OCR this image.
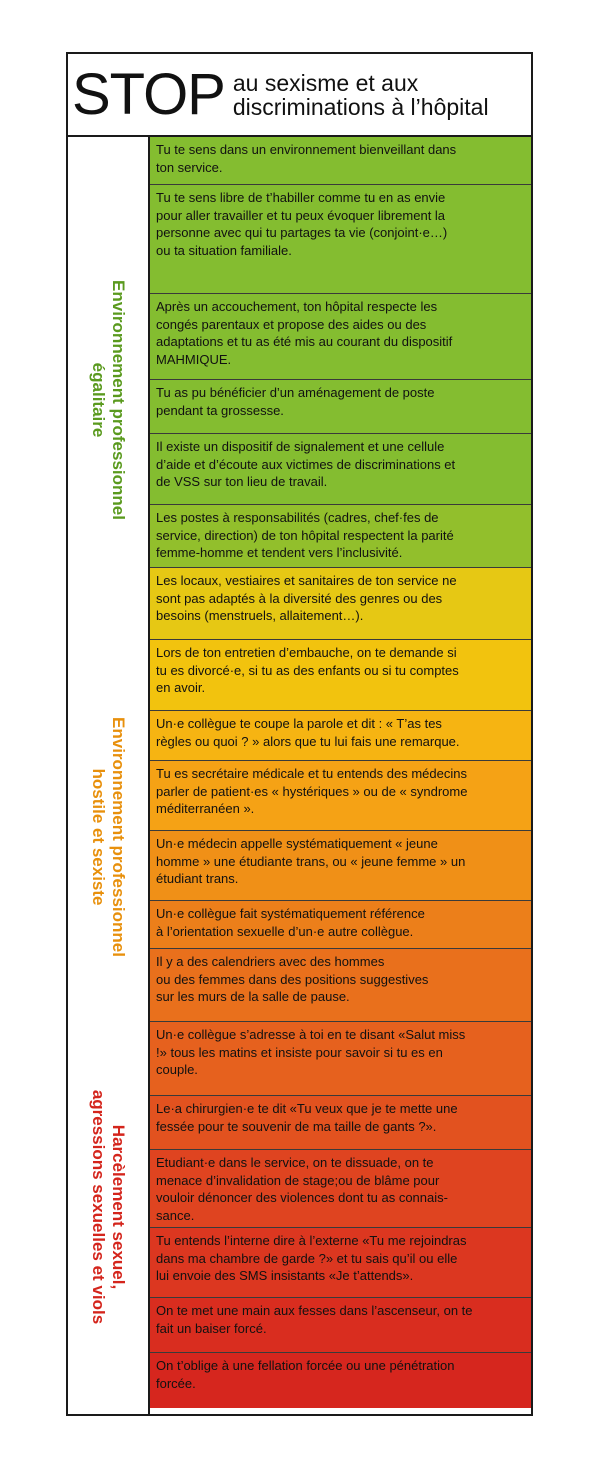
STOP au sexisme et aux
discriminations à l’hôpital
Environnement professionnel
égalitaire
Environnement professionnel
hostile et sexiste
Harcèlement sexuel,
agressions sexuelles et viols
Tu te sens dans un environnement bienveillant dans
ton service.
Tu te sens libre de t’habiller comme tu en as envie
pour aller travailler et tu peux évoquer librement la
personne avec qui tu partages ta vie (conjoint·e…)
ou ta situation familiale.
Après un accouchement, ton hôpital respecte les
congés parentaux et propose des aides ou des
adaptations et tu as été mis au courant du dispositif
MAHMIQUE.
Tu as pu bénéficier d’un aménagement de poste
pendant ta grossesse.
Il existe un dispositif de signalement et une cellule
d’aide et d’écoute aux victimes de discriminations et
de VSS sur ton lieu de travail.
Les postes à responsabilités (cadres, chef·fes de
service, direction) de ton hôpital respectent la parité
femme-homme et tendent vers l’inclusivité.
Les locaux, vestiaires et sanitaires de ton service ne
sont pas adaptés à la diversité des genres ou des
besoins (menstruels, allaitement…).
Lors de ton entretien d’embauche, on te demande si
tu es divorcé·e, si tu as des enfants ou si tu comptes
en avoir.
Un·e collègue te coupe la parole et dit : « T’as tes
règles ou quoi ? » alors que tu lui fais une remarque.
Tu es secrétaire médicale et tu entends des médecins
parler de patient·es « hystériques » ou de « syndrome
méditerranéen ».
Un·e médecin appelle systématiquement « jeune
homme » une étudiante trans, ou « jeune femme » un
étudiant trans.
Un·e collègue fait systématiquement référence
à l’orientation sexuelle d’un·e autre collègue.
Il y a des calendriers avec des hommes
ou des femmes dans des positions suggestives
sur les murs de la salle de pause.
Un·e collègue s’adresse à toi en te disant «Salut miss
!» tous les matins et insiste pour savoir si tu es en
couple.
Le·a chirurgien·e te dit «Tu veux que je te mette une
fessée pour te souvenir de ma taille de gants ?».
Etudiant·e dans le service, on te dissuade, on te
menace d’invalidation de stage;ou de blâme pour
vouloir dénoncer des violences dont tu as connais-
sance.
Tu entends l’interne dire à l’externe «Tu me rejoindras
dans ma chambre de garde ?» et tu sais qu’il ou elle
lui envoie des SMS insistants «Je t’attends».
On te met une main aux fesses dans l’ascenseur, on te
fait un baiser forcé.
On t’oblige à une fellation forcée ou une pénétration
forcée.
